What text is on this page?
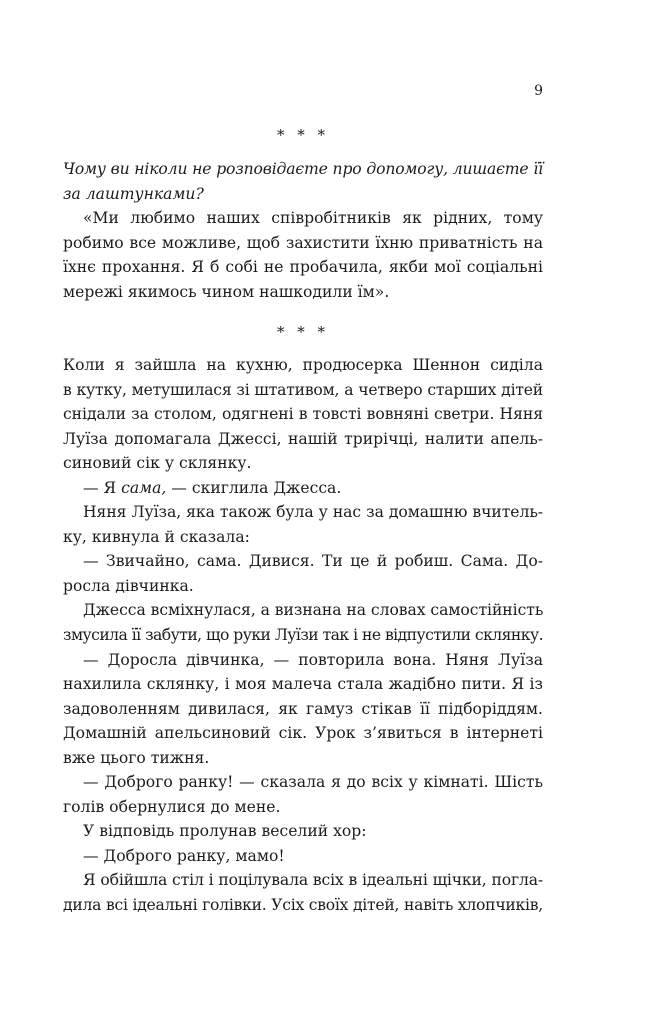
9
* * *
Чому ви ніколи не розповідаєте про допомогу, лишаєте її
за лаштунками?
«Ми любимо наших співробітників як рідних, тому
робимо все можливе, щоб захистити їхню приватність на
їхнє прохання. Я б собі не пробачила, якби мої соціальні
мережі якимось чином нашкодили їм».
* * *
Коли я зайшла на кухню, продюсерка Шеннон сиділа
в кутку, метушилася зі штативом, а четверо старших дітей
снідали за столом, одягнені в товсті вовняні светри. Няня
Луїза допомагала Джессі, нашій трирічці, налити апель-
синовий сік у склянку.
— Я сама, — скиглила Джесса.
Няня Луїза, яка також була у нас за домашню вчитель-
ку, кивнула й сказала:
— Звичайно, сама. Дивися. Ти це й робиш. Сама. До-
росла дівчинка.
Джесса всміхнулася, а визнана на словах самостійність
змусила її забути, що руки Луїзи так і не відпустили склянку.
— Доросла дівчинка, — повторила вона. Няня Луїза
нахилила склянку, і моя малеча стала жадібно пити. Я із
задоволенням дивилася, як гамуз стікав її підборіддям.
Домашній апельсиновий сік. Урок з’явиться в інтернеті
вже цього тижня.
— Доброго ранку! — сказала я до всіх у кімнаті. Шість
голів обернулися до мене.
У відповідь пролунав веселий хор:
— Доброго ранку, мамо!
Я обійшла стіл і поцілувала всіх в ідеальні щічки, погла-
дила всі ідеальні голівки. Усіх своїх дітей, навіть хлопчиків,
